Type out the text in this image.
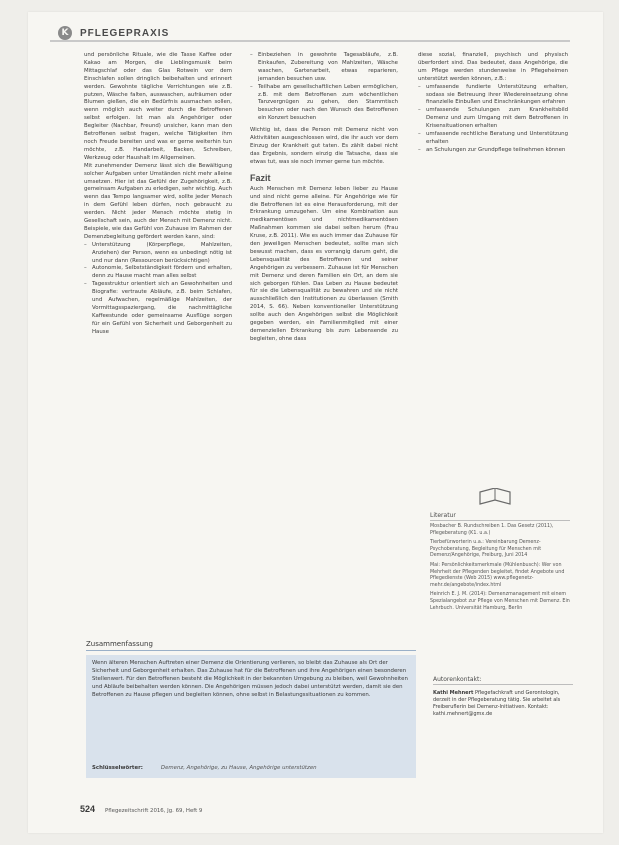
K	PFLEGEPRAXIS

und persönliche Rituale, wie die Tasse Kaffee oder Kakao am Morgen, die Lieblingsmusik beim Mittagschlaf oder das Glas Rotwein vor dem Einschlafen sollen dringlich beibehalten und erinnert werden. Gewohnte tägliche Verrichtungen wie z.B. putzen, Wäsche falten, auswaschen, aufräumen oder Blumen gießen, die ein Bedürfnis ausmachen sollen, wenn möglich auch weiter durch die Betroffenen selbst erfolgen. Ist man als Angehöriger oder Begleiter (Nachbar, Freund) unsicher, kann man den Betroffenen selbst fragen, welche Tätigkeiten ihm noch Freude bereiten und was er gerne weiterhin tun möchte, z.B. Handarbeit, Backen, Schreiben, Werkzeug oder Haushalt im Allgemeinen.

Mit zunehmender Demenz lässt sich die Bewältigung solcher Aufgaben unter Umständen nicht mehr alleine umsetzen. Hier ist das Gefühl der Zugehörigkeit, z.B. gemeinsam Aufgaben zu erledigen, sehr wichtig. Auch wenn das Tempo langsamer wird, sollte jeder Mensch in dem Gefühl leben dürfen, noch gebraucht zu werden. Nicht jeder Mensch möchte stetig in Gesellschaft sein, auch der Mensch mit Demenz nicht. Beispiele, wie das Gefühl von Zuhause im Rahmen der Demenzbegleitung gefördert werden kann, sind:

– Unterstützung (Körperpflege, Mahlzeiten, Anziehen) der Person, wenn es unbedingt nötig ist und nur dann (Ressourcen berücksichtigen)
– Autonomie, Selbstständigkeit fördern und erhalten, denn zu Hause macht man alles selbst
– Tagesstruktur orientiert sich an Gewohnheiten und Biografie: vertraute Abläufe, z.B. beim Schlafen, und Aufwachen, regelmäßige Mahlzeiten, der Vormittagsspaziergang, die nachmittägliche Kaffeestunde oder gemeinsame Ausflüge sorgen für ein Gefühl von Sicherheit und Geborgenheit zu Hause
– Einbeziehen in gewohnte Tagesabläufe, z.B. Einkaufen, Zubereitung von Mahlzeiten, Wäsche waschen, Gartenarbeit, etwas reparieren, jemanden besuchen usw.
– Teilhabe am gesellschaftlichen Leben ermöglichen, z.B. mit dem Betroffenen zum wöchentlichen Tanzvergnügen zu gehen, den Stammtisch besuchen oder nach den Wunsch des Betroffenen ein Konzert besuchen

Wichtig ist, dass die Person mit Demenz nicht von Aktivitäten ausgeschlossen wird, die ihr auch vor dem Einzug der Krankheit gut taten. Es zählt dabei nicht das Ergebnis, sondern einzig die Tatsache, dass sie etwas tut, was sie noch immer gerne tun möchte.

Fazit

Auch Menschen mit Demenz leben lieber zu Hause und sind nicht gerne alleine. Für Angehörige wie für die Betroffenen ist es eine Herausforderung, mit der Erkrankung umzugehen. Um eine Kombination aus medikamentösen und nichtmedikamentösen Maßnahmen kommen sie dabei selten herum (Frau Kruse, z.B. 2011). Wie es auch immer das Zuhause für den jeweiligen Menschen bedeutet, sollte man sich bewusst machen, dass es vorrangig darum geht, die Lebensqualität des Betroffenen und seiner Angehörigen zu verbessern. Zuhause ist für Menschen mit Demenz und deren Familien ein Ort, an dem sie sich geborgen fühlen. Das Leben zu Hause bedeutet für sie die Lebensqualität zu bewahren und sie nicht ausschließlich den Institutionen zu überlassen (Smith 2014, S. 66). Neben konventioneller Unterstützung sollte auch den Angehörigen selbst die Möglichkeit gegeben werden, ein Familienmitglied mit einer demenziellen Erkrankung bis zum Lebensende zu begleiten, ohne dass

diese sozial, finanziell, psychisch und physisch überfordert sind. Das bedeutet, dass Angehörige, die um Pflege werden stundenweise in Pflegeheimen unterstützt werden können, z.B.:

– umfassende fundierte Unterstützung erhalten, sodass sie Betreuung ihrer Wiedereinsetzung ohne finanzielle Einbußen und Einschränkungen erfahren
– umfassende Schulungen zum Krankheitsbild Demenz und zum Umgang mit dem Betroffenen in Krisensituationen erhalten
– umfassende rechtliche Beratung und Unterstützung erhalten
– an Schulungen zur Grundpflege teilnehmen können
Literatur
Mosbacher B. Rundschreiben 1. Das Gesetz (2011), Pflegeberatung (K1. u.a.)
Tierbefürworterin u.a.: Vereinbarung Demenz-Psychoberatung, Begleitung für Menschen mit Demenz/Angehörige, Freiburg, Juni 2014
Mai: Persönlichkeitsmerkmale (Mühlenbusch): Wer von Mehrheit der Pflegenden begleitet, findet Angebote und Pflegedienste (Web 2015) www.pflegenetz-mehr.de/angebote/index.html
Heinrich E. J. M. (2014): Demenzmanagement mit einem Spezialangebot zur Pflege von Menschen mit Demenz. Ein Lehrbuch. Universität Hamburg, Berlin
Zusammenfassung
Wenn älteren Menschen Auftreten einer Demenz die Orientierung verlieren, so bleibt das Zuhause als Ort der Sicherheit und Geborgenheit erhalten. Das Zuhause hat für die Betroffenen und ihre Angehörigen einen besonderen Stellenwert. Für den Betroffenen besteht die Möglichkeit in der bekannten Umgebung zu bleiben, weil Gewohnheiten und Abläufe beibehalten werden können. Die Angehörigen müssen jedoch dabei unterstützt werden, damit sie den Betroffenen zu Hause pflegen und begleiten können, ohne selbst in Belastungssituationen zu kommen.
Schlüsselwörter:	Demenz, Angehörige, zu Hause, Angehörige unterstützen
Autorenkontakt:
Kathi Mehnert Pflegefachkraft und Gerontologin, derzeit in der Pflegeberatung tätig. Sie arbeitet als Freiberuflerin bei Demenz-Initiativen. Kontakt: kathi.mehnert@gmx.de
524 Pflegezeitschrift 2016, Jg. 69, Heft 9
